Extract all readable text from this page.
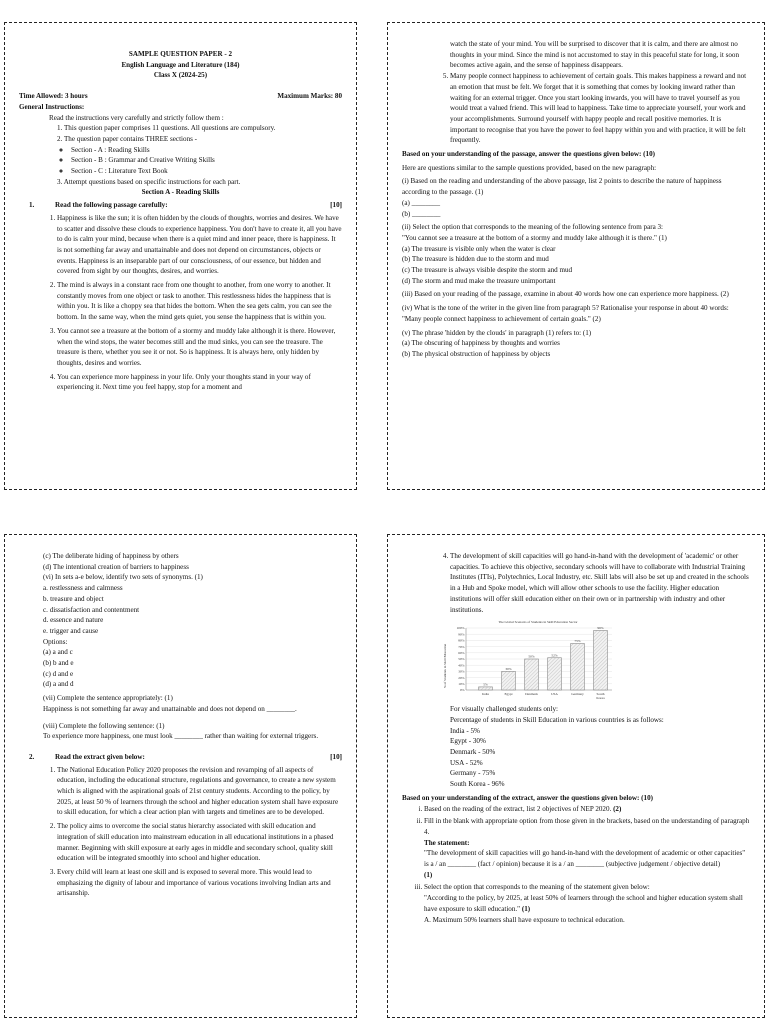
SAMPLE QUESTION PAPER - 2

English Language and Literature (184)

Class X (2024-25)

Time Allowed: 3 hours	Maximum Marks: 80

General Instructions:

Read the instructions very carefully and strictly follow them :

1. This question paper comprises 11 questions. All questions are compulsory.

2. The question paper contains THREE sections -

◦ Section - A : Reading Skills
◦ Section - B : Grammar and Creative Writing Skills
◦ Section - C : Literature Text Book

3. Attempt questions based on specific instructions for each part.

Section A - Reading Skills

1.	Read the following passage carefully:	[10]
1. Happiness is like the sun; it is often hidden by the clouds of thoughts, worries and desires. We have to scatter and dissolve these clouds to experience happiness. You don't have to create it, all you have to do is calm your mind, because when there is a quiet mind and inner peace, there is happiness. It is not something far away and unattainable and does not depend on circumstances, objects or events. Happiness is an inseparable part of our consciousness, of our essence, but hidden and covered from sight by our thoughts, desires, and worries.
2. The mind is always in a constant race from one thought to another, from one worry to another. It constantly moves from one object or task to another. This restlessness hides the happiness that is within you. It is like a choppy sea that hides the bottom. When the sea gets calm, you can see the bottom. In the same way, when the mind gets quiet, you sense the happiness that is within you.
3. You cannot see a treasure at the bottom of a stormy and muddy lake although it is there. However, when the wind stops, the water becomes still and the mud sinks, you can see the treasure. The treasure is there, whether you see it or not. So is happiness. It is always here, only hidden by thoughts, desires and worries.
4. You can experience more happiness in your life. Only your thoughts stand in your way of experiencing it. Next time you feel happy, stop for a moment and

watch the state of your mind. You will be surprised to discover that it is calm, and there are almost no thoughts in your mind. Since the mind is not accustomed to stay in this peaceful state for long, it soon becomes active again, and the sense of happiness disappears.

5. Many people connect happiness to achievement of certain goals. This makes happiness a reward and not an emotion that must be felt. We forget that it is something that comes by looking inward rather than waiting for an external trigger. Once you start looking inwards, you will have to travel yourself as you would treat a valued friend. This will lead to happiness. Take time to appreciate yourself, your work and your accomplishments. Surround yourself with happy people and recall positive memories. It is important to recognise that you have the power to feel happy within you and with practice, it will be felt frequently.

Based on your understanding of the passage, answer the questions given below: (10)

Here are questions similar to the sample questions provided, based on the new paragraph:

(i) Based on the reading and understanding of the above passage, list 2 points to describe the nature of happiness according to the passage. (1)

(a) ________

(b) ________

(ii) Select the option that corresponds to the meaning of the following sentence from para 3:

"You cannot see a treasure at the bottom of a stormy and muddy lake although it is there." (1)

(a) The treasure is visible only when the water is clear

(b) The treasure is hidden due to the storm and mud

(c) The treasure is always visible despite the storm and mud

(d) The storm and mud make the treasure unimportant

(iii) Based on your reading of the passage, examine in about 40 words how one can experience more happiness. (2)

(iv) What is the tone of the writer in the given line from paragraph 5? Rationalise your response in about 40 words:

"Many people connect happiness to achievement of certain goals." (2)

(v) The phrase 'hidden by the clouds' in paragraph (1) refers to: (1)

(a) The obscuring of happiness by thoughts and worries

(b) The physical obstruction of happiness by objects

(c) The deliberate hiding of happiness by others

(d) The intentional creation of barriers to happiness

(vi) In sets a-e below, identify two sets of synonyms. (1)

a. restlessness and calmness

b. treasure and object

c. dissatisfaction and contentment

d. essence and nature

e. trigger and cause

Options:

(a) a and c

(b) b and e

(c) d and e

(d) a and d

(vii) Complete the sentence appropriately: (1)

Happiness is not something far away and unattainable and does not depend on ________.

(viii) Complete the following sentence: (1)

To experience more happiness, one must look ________ rather than waiting for external triggers.

2.	Read the extract given below:	[10]
1. The National Education Policy 2020 proposes the revision and revamping of all aspects of education, including the educational structure, regulations and governance, to create a new system which is aligned with the aspirational goals of 21st century students. According to the policy, by 2025, at least 50 % of learners through the school and higher education system shall have exposure to skill education, for which a clear action plan with targets and timelines are to be developed.
2. The policy aims to overcome the social status hierarchy associated with skill education and integration of skill education into mainstream education in all educational institutions in a phased manner. Beginning with skill exposure at early ages in middle and secondary school, quality skill education will be integrated smoothly into school and higher education.
3. Every child will learn at least one skill and is exposed to several more. This would lead to emphasizing the dignity of labour and importance of various vocations involving Indian arts and artisanship.
4. The development of skill capacities will go hand-in-hand with the development of 'academic' or other capacities. To achieve this objective, secondary schools will have to collaborate with Industrial Training Institutes (ITIs), Polytechnics, Local Industry, etc. Skill labs will also be set up and created in the schools in a Hub and Spoke model, which will allow other schools to use the facility. Higher education institutions will offer skill education either on their own or in partnership with industry and other institutions.
The Global Scenario of Students in Skill Education Sector
% of Students in Skill Education
0%
10%
20%
30%
40%
50%
60%
70%
80%
90%
100%
5%
India
30%
Egypt
50%
Denmark
52%
USA
75%
Germany
96%
South
Korea

For visually challenged students only:

Percentage of students in Skill Education in various countries is as follows:

India - 5%

Egypt - 30%

Denmark - 50%

USA - 52%

Germany - 75%

South Korea - 96%

Based on your understanding of the extract, answer the questions given below: (10)

i. Based on the reading of the extract, list 2 objectives of NEP 2020. (2)
ii. Fill in the blank with appropriate option from those given in the brackets, based on the understanding of paragraph 4.
The statement:
"The development of skill capacities will go hand-in-hand with the development of academic or other capacities" is a / an ________ (fact / opinion) because it is a / an ________ (subjective judgement / objective detail)
(1)
iii. Select the option that corresponds to the meaning of the statement given below:
"According to the policy, by 2025, at least 50% of learners through the school and higher education system shall have exposure to skill education." (1)
A. Maximum 50% learners shall have exposure to technical education.
